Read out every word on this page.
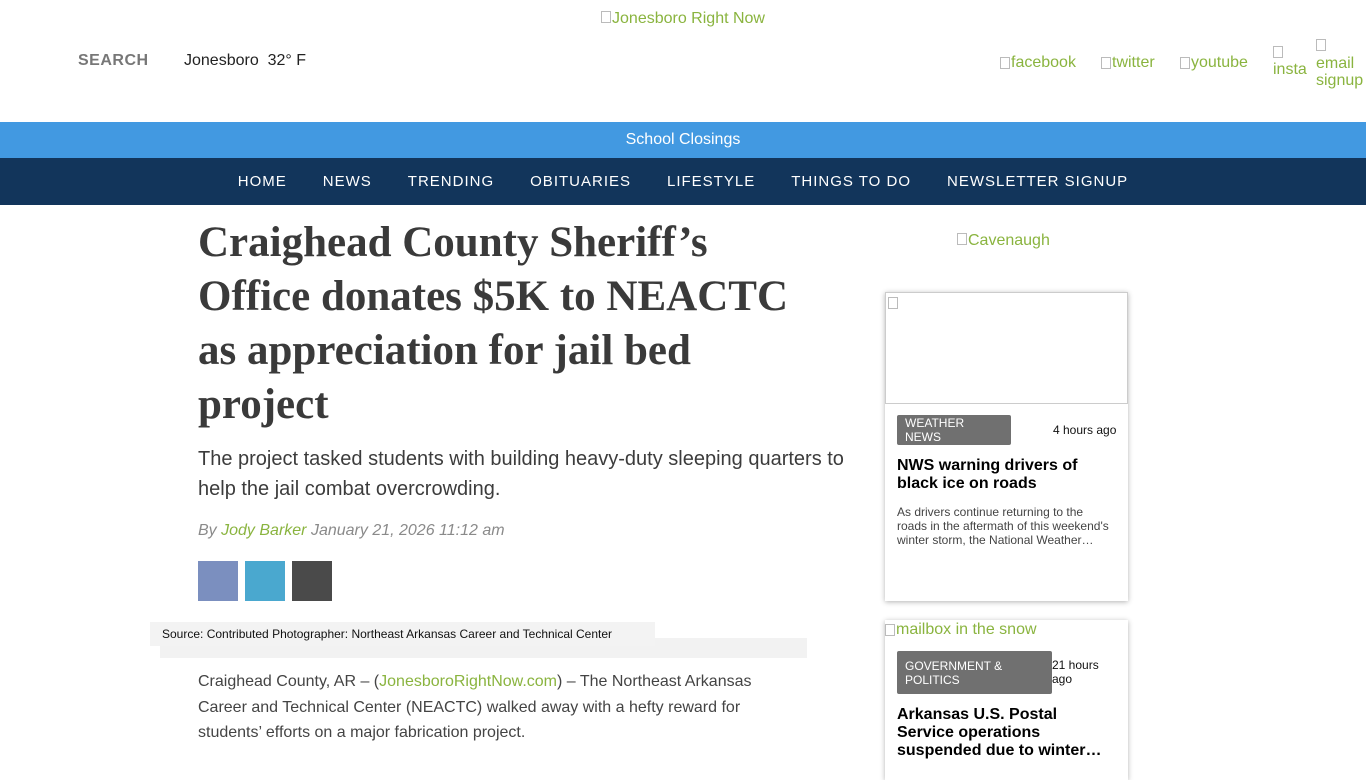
Jonesboro Right Now
SEARCH Jonesboro 32° F	facebook twitter youtube insta email signup
School Closings
HOME	NEWS	TRENDING	OBITUARIES	LIFESTYLE	THINGS TO DO	NEWSLETTER SIGNUP
Craighead County Sheriff’s Office donates $5K to NEACTC as appreciation for jail bed project
The project tasked students with building heavy-duty sleeping quarters to help the jail combat overcrowding.
By Jody Barker January 21, 2026 11:12 am
Source: Contributed Photographer: Northeast Arkansas Career and Technical Center
Craighead County, AR – (JonesboroRightNow.com) – The Northeast Arkansas Career and Technical Center (NEACTC) walked away with a hefty reward for students’ efforts on a major fabrication project.
Cavenaugh
WEATHER NEWS	4 hours ago
NWS warning drivers of black ice on roads
As drivers continue returning to the roads in the aftermath of this weekend's winter storm, the National Weather…
mailbox in the snow
GOVERNMENT & POLITICS
21 hours ago
Arkansas U.S. Postal Service operations suspended due to winter…
